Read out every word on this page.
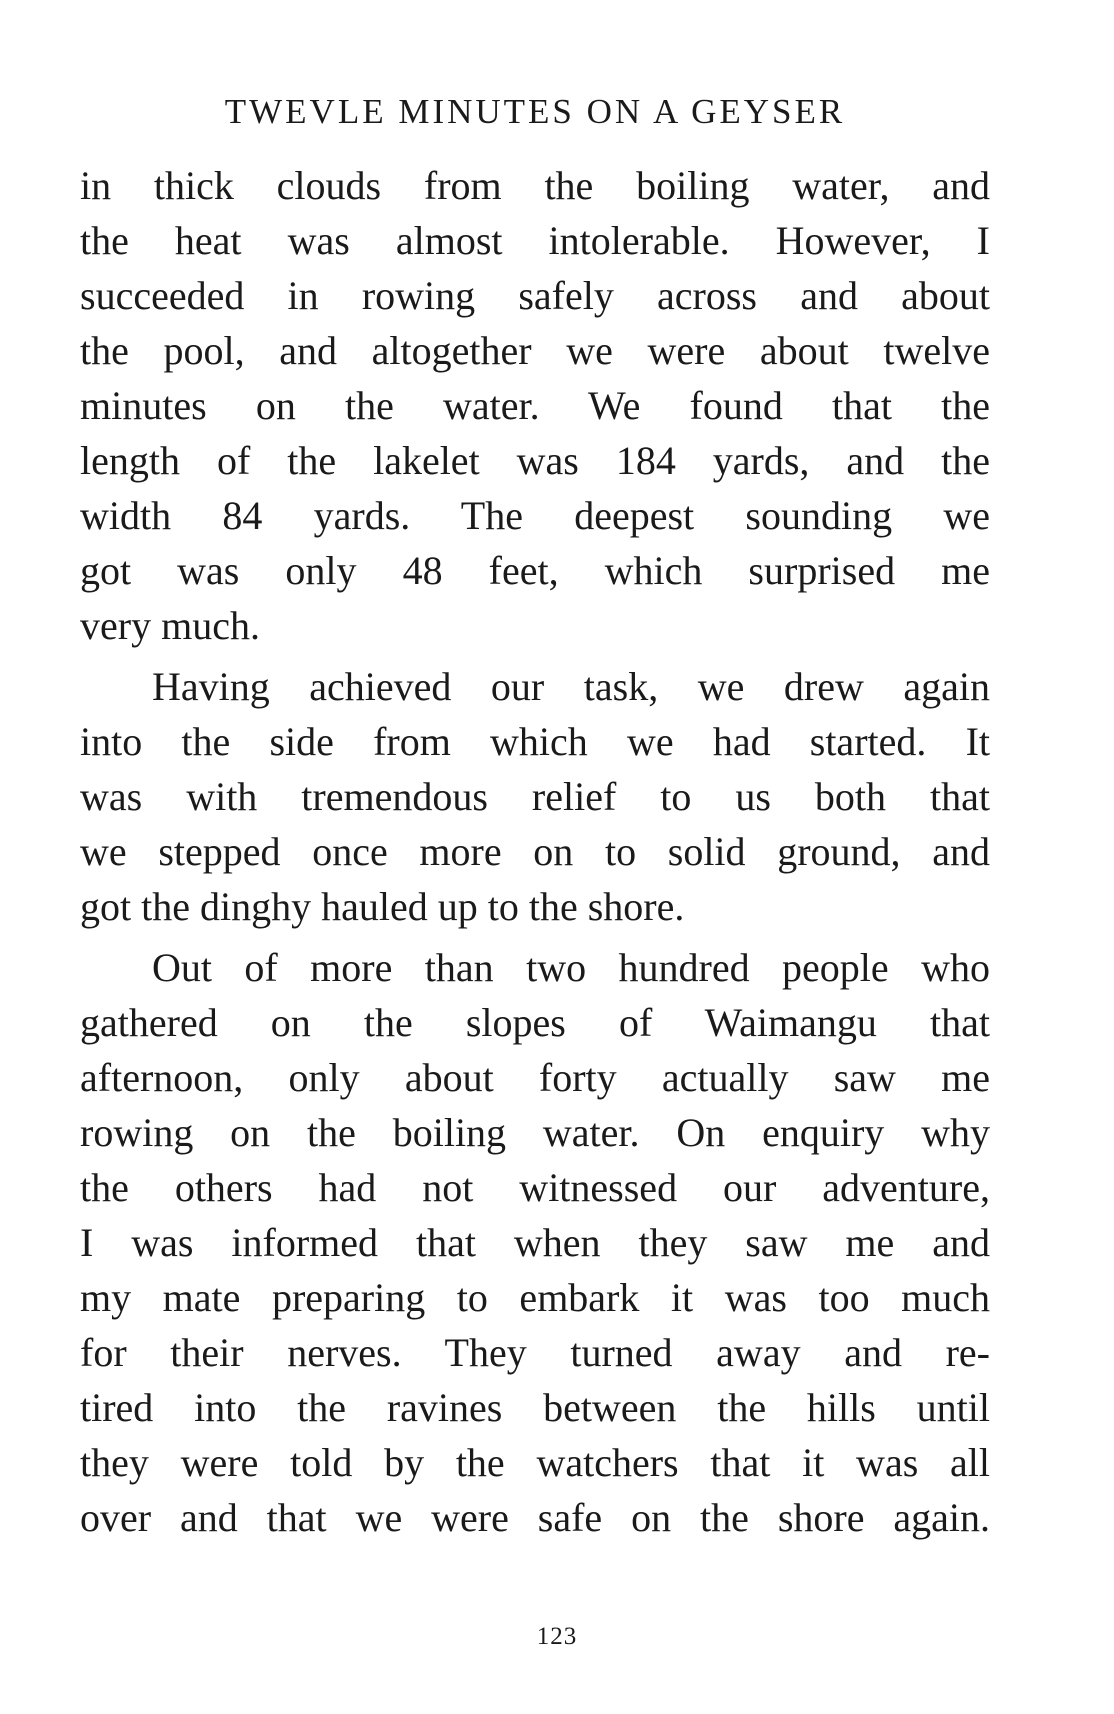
TWEVLE MINUTES ON A GEYSER
in thick clouds from the boiling water, and
the heat was almost intolerable. However, I
succeeded in rowing safely across and about
the pool, and altogether we were about twelve
minutes on the water. We found that the
length of the lakelet was 184 yards, and the
width 84 yards. The deepest sounding we
got was only 48 feet, which surprised me
very much.
Having achieved our task, we drew again
into the side from which we had started. It
was with tremendous relief to us both that
we stepped once more on to solid ground, and
got the dinghy hauled up to the shore.
Out of more than two hundred people who
gathered on the slopes of Waimangu that
afternoon, only about forty actually saw me
rowing on the boiling water. On enquiry why
the others had not witnessed our adventure,
I was informed that when they saw me and
my mate preparing to embark it was too much
for their nerves. They turned away and re-
tired into the ravines between the hills until
they were told by the watchers that it was all
over and that we were safe on the shore again.
123
